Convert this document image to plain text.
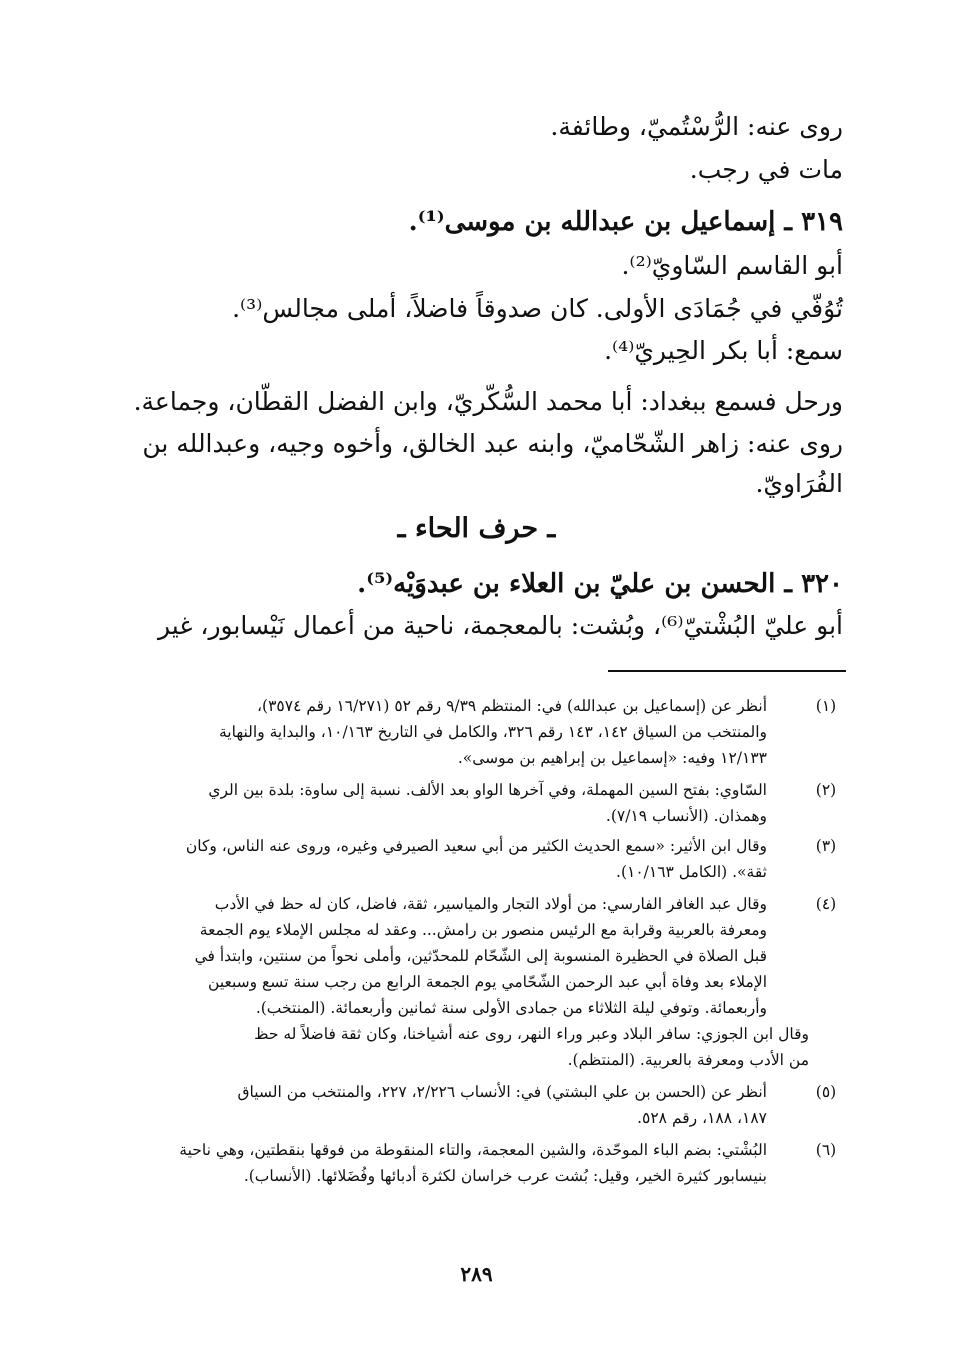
روى عنه: الرُّسْتُميّ، وطائفة.
مات في رجب.
٣١٩ ـ إسماعيل بن عبدالله بن موسى⁽¹⁾.
أبو القاسم السّاويّ⁽²⁾.
تُوُفّي في جُمَادَى الأولى. كان صدوقاً فاضلاً، أملى مجالس⁽³⁾.
سمع: أبا بكر الحِيريّ⁽⁴⁾.
ورحل فسمع ببغداد: أبا محمد السُّكّريّ، وابن الفضل القطّان، وجماعة.
روى عنه: زاهر الشّحّاميّ، وابنه عبد الخالق، وأخوه وجيه، وعبدالله بن
الفُرَاويّ.
ـ حرف الحاء ـ
٣٢٠ ـ الحسن بن عليّ بن العلاء بن عبدوَيْه⁽⁵⁾.
أبو عليّ البُشْتيّ⁽⁶⁾، وبُشت: بالمعجمة، ناحية من أعمال نَيْسابور، غير
(١)
أنظر عن (إسماعيل بن عبدالله) في: المنتظم ٩/٣٩ رقم ٥٢ (١٦/٢٧١ رقم ٣٥٧٤)،
والمنتخب من السياق ١٤٢، ١٤٣ رقم ٣٢٦، والكامل في التاريخ ١٠/١٦٣، والبداية والنهاية
١٢/١٣٣ وفيه: «إسماعيل بن إبراهيم بن موسى».
(٢)
السّاوي: بفتح السين المهملة، وفي آخرها الواو بعد الألف. نسبة إلى ساوة: بلدة بين الري
وهمذان. (الأنساب ٧/١٩).
(٣)
وقال ابن الأثير: «سمع الحديث الكثير من أبي سعيد الصيرفي وغيره، وروى عنه الناس، وكان
ثقة». (الكامل ١٠/١٦٣).
(٤)
وقال عبد الغافر الفارسي: من أولاد التجار والمياسير، ثقة، فاضل، كان له حظ في الأدب
ومعرفة بالعربية وقرابة مع الرئيس منصور بن رامش... وعقد له مجلس الإملاء يوم الجمعة
قبل الصلاة في الحظيرة المنسوبة إلى الشّحّام للمحدّثين، وأملى نحواً من سنتين، وابتدأ في
الإملاء بعد وفاة أبي عبد الرحمن الشّحّامي يوم الجمعة الرابع من رجب سنة تسع وسبعين
وأربعمائة. وتوفي ليلة الثلاثاء من جمادى الأولى سنة ثمانين وأربعمائة. (المنتخب).
وقال ابن الجوزي: سافر البلاد وعبر وراء النهر، روى عنه أشياخنا، وكان ثقة فاضلاً له حظ
من الأدب ومعرفة بالعربية. (المنتظم).
(٥)
أنظر عن (الحسن بن علي البشتي) في: الأنساب ٢/٢٢٦، ٢٢٧، والمنتخب من السياق
١٨٧، ١٨٨، رقم ٥٢٨.
(٦)
البُشْتي: بضم الباء الموحّدة، والشين المعجمة، والتاء المنقوطة من فوقها بنقطتين، وهي ناحية
بنيسابور كثيرة الخير، وقيل: بُشت عرب خراسان لكثرة أدبائها وفُضَلائها. (الأنساب).
٢٨٩
